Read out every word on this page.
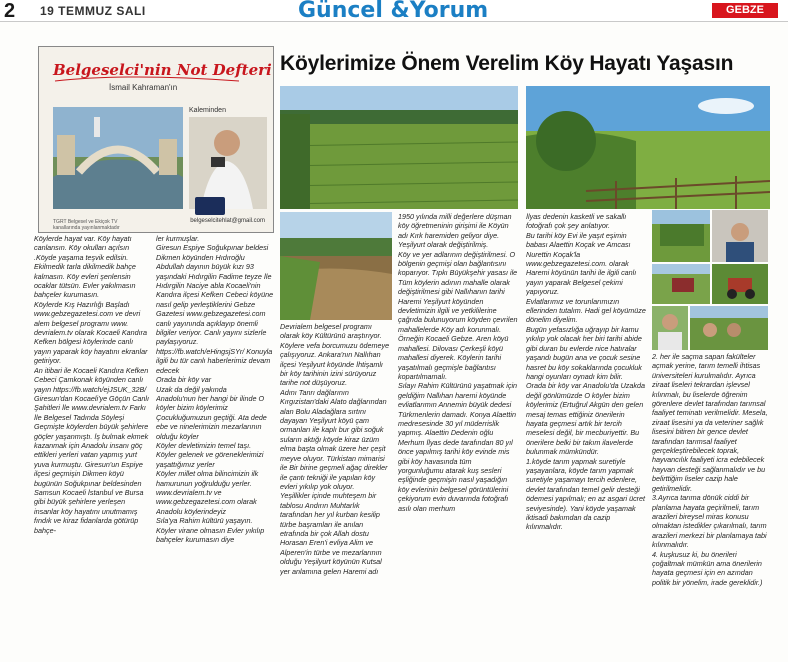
2 19 TEMMUZ SALI	Güncel &Yorum	GEBZE
Belgeselci'nin Not Defteri
İsmail Kahraman'ın
Kaleminden
TGRT Belgesel ve Ekiçok TV kanallarında yayınlanmaktadır
belgeselcitehlat@gmail.com
Köylerimize Önem Verelim Köy Hayatı Yaşasın
Köylerde hayat var. Köy hayatı canlansın. Köy okulları açılsın .Köyde yaşama teşvik edilsin. Ekilmedik tarla dikilmedik bahçe kalmasın. Köy evleri şenlensin ocaklar tütsün. Evler yakılmasın bahçeler kurumasın.
Köylerde Kış Hazırlığı Başladı www.gebzegazetesi.com ve devri alem belgesel programı www. devrialem.tv olarak Kocaeli Kandıra Kefken bölgesi köylerinde canlı yayın yaparak köy hayatını ekranlar getiriyor.
An itibari ile Kocaeli Kandıra Kefken Cebeci Çamkonak köyünden canlı yayın https://fb.watch/ejJSUK_32B/ Giresun'dan Kocaeli'ye Göçün Canlı Şahitleri İle www.devrialem.tv Farkı İle Belgesel Tadında Söyleşi
Geçmişte köylerden büyük şehirlere göçler yaşanmıştı. İş bulmak ekmek kazanmak için Anadolu insanı göç ettikleri yerleri vatan yapmış yurt yuva kurmuştu. Giresun'un Espiye ilçesi geçmişin Dikmen köyü bugünün Soğukpınar beldesinden Samsun Kocaeli İstanbul ve Bursa gibi büyük şehirlere yerleşen insanlar köy hayatını unutmamış fındık ve kiraz fidanlarda götürüp bahçe-
ler kurmuşlar.
Giresun Espiye Soğukpınar beldesi Dikmen köyünden Hıdıroğlu Abdullah dayının büyük kızı 93 yaşındaki Hıdırgilin Fadime teyze İle Hıdırgilin Naciye abla Kocaeli'nin Kandıra ilçesi Kefken Cebeci köyüne nasıl gelip yerleştiklerini Gebze Gazetesi www.gebzegazetesi.com canlı yayınında açıklayıp önemli bilgiler veriyor. Canlı yayını sizlerle paylaşıyoruz.
https://fb.watch/eHingsjSYr/ Konuyla ilgili bu tür canlı haberlerimiz devam edecek
Orada bir köy var
Uzak da değil yakında
Anadolu'nun her hangi bir ilinde O köyler bizim köylerimiz
Çocukluğumuzun geçtiği. Ata dede ebe ve ninelerimizin mezarlarının olduğu köyler
Köyler devletimizin temel taşı.
Köyler gelenek ve göreneklerimizi yaşattığımız yerler
Köyler millet olma bilincimizin ilk hamurunun yoğrulduğu yerler.
www.devrialem.tv ve www.gebzegazetesi.com olarak Anadolu köylerindeyiz
Sıla'ya Rahim kültürü yaşayın.
Köyler virane olmasın Evler yıkılıp bahçeler kurumasın diye
Devrialem belgesel programı olarak köy Kültürünü araştırıyor. Köylere vefa borcumuzu ödemeye çalışıyoruz. Ankara'nın Nallıhan ilçesi Yeşilyurt köyünde İhtişamlı bir köy tarihinin izini sürüyoruz tarihe not düşüyoruz.
Adını Tanrı dağlarının Kırgızistan'daki Alato dağlarından alan Bolu Aladağlara sırtını dayayan Yeşilyurt köyü çam ormanları ile kaplı bur gibi soğuk suların aktığı köyde kiraz üzüm elma başta olmak üzere her çeşit meyve oluyor. Türkistan mimarisi ile Bir birine geçmeli ağaç direkler ile çantı tekniği ile yapılan köy evleri yıkılıp yok oluyor.
Yeşillikler içinde muhteşem bir tablosu Andırın Muhtarlık tarafından her yıl kurban kesilip türbe başramları ile anılan etrafında bir çok Allah dostu Horasan Eren'i evliya Alim ve Alperen'in türbe ve mezarlarının olduğu Yeşilyurt köyünün Kutsal yer anlamına gelen Haremi adı
1950 yılında milli değerlere düşman köy öğretmeninin girişimi ile Köyün adı Kırk haremiden geliyor diye. Yeşilyurt olarak değiştirilmiş.
Köy ve yer adlarının değiştirilmesi. O bölgenin geçmişi olan bağlantısını koparıyor. Tıpkı Büyükşehir yasası ile Tüm köylerin adının mahalle olarak değiştirilmesi gibi Nallıhanın tarihi Haremi Yeşilyurt köyünden devletimizin ilgili ve yetkililerine çağrıda bulunuyorum köyden çevrilen mahallelerde Köy adı korunmalı. Örneğin Kocaeli Gebze. Aren köyü mahallesi. Dilovası Çerkeşli köyü mahallesi diyerek. Köylerin tarihi yaşatılmalı geçmişle bağlantısı kopartılmamalı.
Sılayı Rahim Kültürünü yaşatmak için geldiğim Nallıhan haremi köyünde evliatlarımın Annemin büyük dedesi Türkmenlerin damadı. Konya Alaettin medresesinde 30 yıl müderrislik yapmış. Alaettin Dedenin oğlu Merhum İlyas dede tarafından 80 yıl önce yapılmış tarihi köy evinde mis gibi köy havasında tüm yorgunluğumu atarak kuş sesleri eşliğinde geçmişin nasıl yaşadığın köy evlerinin belgesel görüntülerini çekiyorum evin duvarında fotoğrafı asılı olan merhum
İlyas dedenin kasketli ve sakallı fotoğrafı çok şey anlatıyor.
Bu tarihi köy Evi ile yaşıt eşimin babası Alaettin Koçak ve Amcası Nurettin Koçak'la www.gebzegazetesi.com. olarak Haremi köyünün tarihi ile ilgili canlı yayın yaparak Belgesel çekimi yapıyoruz.
Evlatlarımız ve torunlarımızın ellerinden tutalım. Hadi gel köyümüze dönelim diyelim.
Bugün yefasızlığa uğrayıp bir kamu yıkılıp yok olacak her biri tarihi abide gibi duran bu evlerde nice hatıralar yaşandı bugün ana ve çocuk sesine hasret bu köy sokaklarında çocukluk hangi oyunları oynadı kim bilir.
Orada bir köy var Anadolu'da Uzakda değil gönlümüzde O köyler bizim köylerimiz (Ertuğrul Akgün den gelen mesaj temas ettiğiniz önerilerin hayata geçmesi artık bir tercih meselesi değil, bir mecburiyettir. Bu önerilere belki bir takım ilavelerde bulunmak mümkündür.
1.köyde tarım yapmak suretiyle yaşayanlara, köyde tarım yapmak suretiyle yaşamayı tercih edenlere, devlet tarafından temel gelir desteği ödemesi yapılmalı; en az asgari ücret seviyesinde). Yani köyde yaşamak iktisadi bakımdan da cazip kılınmalıdır.
2. her ile saçma sapan fakülteler açmak yerine, tarım temelli ihtisas üniversiteleri kurulmalıdır. Ayrıca ziraat liseleri tekrardan işlevsel kılınmalı, bu liselerde öğrenim görenlere devlet tarafından tarımsal faaliyet teminatı verilmelidir. Mesela, ziraat lisesini ya da veteriner sağlık lisesini bitiren bir gence devlet tarafından tarımsal faaliyet gerçekleştirebilecek toprak, hayvancılık faaliyeti icra edebilecek hayvan desteği sağlanmalıdır ve bu belirttiğim liseler cazip hale getirilmelidir.
3.Ayrıca tarıma dönük ciddi bir planlama hayata geçirilmeli, tarım arazileri bireysel miras konusu olmaktan istedikler çıkarılmalı, tarım arazileri merkezi bir planlamaya tabi kılınmalıdır.
4. kuşkusuz ki, bu önerileri çoğaltmak mümkün ama önerilerin hayata geçmesi için en azından politik bir yönelim, irade gereklidir.)
